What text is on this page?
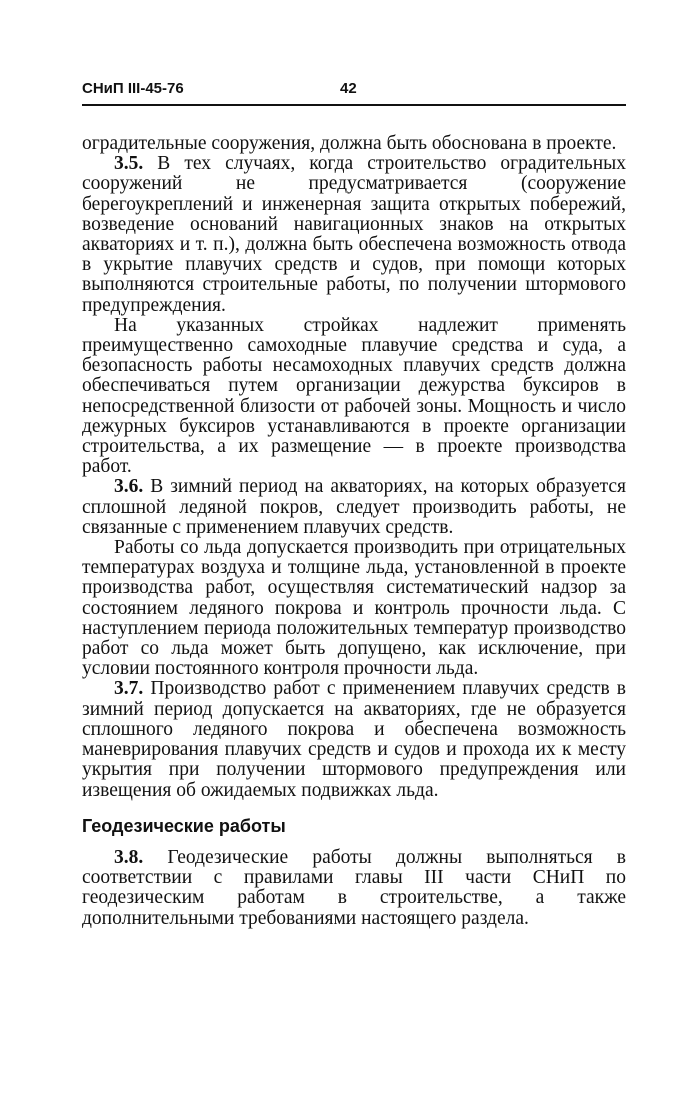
СНиП III-45-76	42

оградительные сооружения, должна быть обоснована в проекте.

3.5. В тех случаях, когда строительство оградительных сооружений не предусматривается (сооружение берегоукреплений и инженерная защита открытых побережий, возведение оснований навигационных знаков на открытых акваториях и т. п.), должна быть обеспечена возможность отвода в укрытие плавучих средств и судов, при помощи которых выполняются строительные работы, по получении штормового предупреждения.

На указанных стройках надлежит применять преимущественно самоходные плавучие средства и суда, а безопасность работы несамоходных плавучих средств должна обеспечиваться путем организации дежурства буксиров в непосредственной близости от рабочей зоны. Мощность и число дежурных буксиров устанавливаются в проекте организации строительства, а их размещение — в проекте производства работ.

3.6. В зимний период на акваториях, на которых образуется сплошной ледяной покров, следует производить работы, не связанные с применением плавучих средств.

Работы со льда допускается производить при отрицательных температурах воздуха и толщине льда, установленной в проекте производства работ, осуществляя систематический надзор за состоянием ледяного покрова и контроль прочности льда. С наступлением периода положительных температур производство работ со льда может быть допущено, как исключение, при условии постоянного контроля прочности льда.

3.7. Производство работ с применением плавучих средств в зимний период допускается на акваториях, где не образуется сплошного ледяного покрова и обеспечена возможность маневрирования плавучих средств и судов и прохода их к месту укрытия при получении штормового предупреждения или извещения об ожидаемых подвижках льда.

Геодезические работы

3.8. Геодезические работы должны выполняться в соответствии с правилами главы III части СНиП по геодезическим работам в строительстве, а также дополнительными требованиями настоящего раздела.
